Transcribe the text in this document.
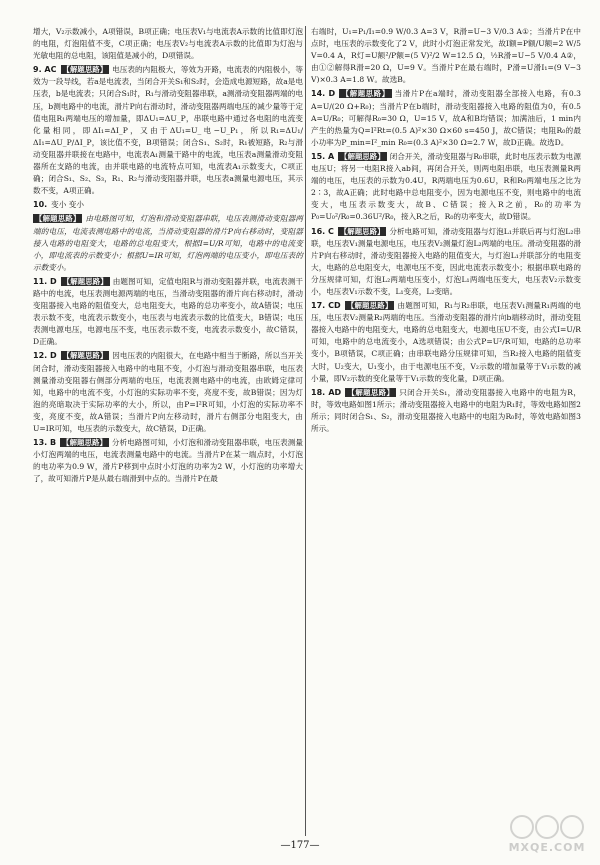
增大，V₂示数减小，A项错误，B项正确；电压表V₁与电流表A示数的比值即灯泡的电阻，灯泡阻值不变，C项正确；电压表V₂与电流表A示数的比值即为灯泡与光敏电阻的总电阻，该阻值是减小的，D项错误。
9. AC 【解题思路】 电压表的内阻极大，等效为开路，电流表的内阻极小，等效为一段导线，若a是电流表，当闭合开关S₁和S₂时，会造成电源短路，故a是电压表，b是电流表；只闭合S₁时，R₁与滑动变阻器串联，a测滑动变阻器两端的电压，b测电路中的电流，滑片P向右滑动时，滑动变阻器两端电压的减少量等于定值电阻R₁两端电压的增加量，即ΔU₁=ΔU_P，串联电路中通过各电阻的电流变化量相同，即ΔI₁=ΔI_P，又由于ΔU₁=U_电−U_P₁，所以R₁=ΔU₁/ΔI₁=ΔU_P/ΔI_P，该比值不变，B项错误；闭合S₁、S₂时，R₁被短路，R₂与滑动变阻器并联接在电路中，电流表A₁测量干路中的电流，电压表a测量滑动变阻器所在支路的电流，由并联电路的电流特点可知，电流表A₁示数变大，C项正确；闭合S₁、S₂、S₃，R₁、R₂与滑动变阻器并联，电压表a测量电源电压，其示数不变，A项正确。
10. 变小 变小
【解题思路】 由电路图可知，灯泡和滑动变阻器串联，电压表测滑动变阻器两端的电压，电流表测电路中的电流，当滑动变阻器的滑片P向右移动时，变阻器接入电路的电阻变大，电路的总电阻变大，根据I=U/R可知，电路中的电流变小，即电流表的示数变小；根据U=IR可知，灯泡两端的电压变小，即电压表的示数变小。
11. D 【解题思路】 由题图可知，定值电阻R与滑动变阻器并联，电流表测干路中的电流，电压表测电源两端的电压，当滑动变阻器的滑片向右移动时，滑动变阻器接入电路的阻值变大，总电阻变大，电路的总功率变小，故A错误；电压表示数不变，电流表示数变小，电压表与电流表示数的比值变大，B错误；电压表测电源电压，电源电压不变，电压表示数不变，电流表示数变小，故C错误，D正确。
12. D 【解题思路】 因电压表的内阻很大，在电路中相当于断路，所以当开关闭合时，滑动变阻器接入电路中的电阻不变，小灯泡与滑动变阻器串联，电压表测量滑动变阻器右侧部分两端的电压，电流表测电路中的电流，由欧姆定律可知，电路中的电流不变，小灯泡的实际功率不变，亮度不变，故B错误；因为灯泡的亮暗取决于实际功率的大小，所以，由P=I²R可知，小灯泡的实际功率不变，亮度不变，故A错误；当滑片P向左移动时，滑片右侧部分电阻变大，由U=IR可知，电压表的示数变大，故C错误，D正确。
13. B 【解题思路】 分析电路图可知，小灯泡和滑动变阻器串联，电压表测量小灯泡两端的电压，电流表测量电路中的电流。当滑片P在某一端点时，小灯泡的电功率为0.9 W，滑片P移到中点时小灯泡的功率为2 W，小灯泡的功率增大了，故可知滑片P是从最右端滑到中点的。当滑片P在最
右端时，U₁=P₁/I₁=0.9 W/0.3 A=3 V，R滑=U−3 V/0.3 A①；当滑片P在中点时，电压表的示数变化了2 V，此时小灯泡正常发光，故I额=P额/U额=2 W/5 V=0.4 A，R灯=U额²/P额=(5 V)²/2 W=12.5 Ω，½R滑=U−5 V/0.4 A②，由①②解得R滑=20 Ω，U=9 V。当滑片P在最右端时，P滑=U滑I₁=(9 V−3 V)×0.3 A=1.8 W。故选B。
14. D 【解题思路】 当滑片P在a端时，滑动变阻器全部接入电路，有0.3 A=U/(20 Ω+R₀)；当滑片P在b端时，滑动变阻器接入电路的阻值为0，有0.5 A=U/R₀；可解得R₀=30 Ω，U=15 V，故A和B均错误；加满油后，1 min内产生的热量为Q=I²Rt=(0.5 A)²×30 Ω×60 s=450 J，故C错误；电阻R₀的最小功率为P_min=I²_min R₀=(0.3 A)²×30 Ω=2.7 W，故D正确。故选D。
15. A 【解题思路】 闭合开关，滑动变阻器与R₀串联，此时电压表示数为电源电压U；将另一电阻R接入ab间，再闭合开关，则两电阻串联，电压表测量R两端的电压，电压表的示数为0.4U，R两端电压为0.6U，R和R₀两端电压之比为2∶3，故A正确；此时电路中总电阻变小，因为电源电压不变，则电路中的电流变大，电压表示数变大，故B、C错误；接入R之前，R₀的功率为P₀=U₀²/R₀=0.36U²/R₀，接入R之后，R₀的功率变大，故D错误。
16. C 【解题思路】 分析电路可知，滑动变阻器与灯泡L₁并联后再与灯泡L₂串联，电压表V₁测量电源电压，电压表V₂测量灯泡L₂两端的电压。滑动变阻器的滑片P向右移动时，滑动变阻器接入电路的阻值变大，与灯泡L₁并联部分的电阻变大，电路的总电阻变大，电源电压不变，因此电流表示数变小；根据串联电路的分压规律可知，灯泡L₂两端电压变小，灯泡L₁两端电压变大，电压表V₂示数变小，电压表V₁示数不变，L₁变亮，L₂变暗。
17. CD 【解题思路】 由题图可知，R₁与R₂串联，电压表V₁测量R₁两端的电压，电压表V₂测量R₂两端的电压。当滑动变阻器的滑片向b端移动时，滑动变阻器接入电路中的电阻变大，电路的总电阻变大，电源电压U不变，由公式I=U/R可知，电路中的总电流变小，A选项错误；由公式P=U²/R可知，电路的总功率变小，B项错误，C项正确；由串联电路分压规律可知，当R₂接入电路的阻值变大时，U₂变大，U₁变小，由于电源电压不变，V₂示数的增加量等于V₁示数的减小量，即V₂示数的变化量等于V₁示数的变化量，D项正确。
18. AD 【解题思路】 只闭合开关S₁，滑动变阻器接入电路中的电阻为R，时，等效电路如图1所示；滑动变阻器接入电路中的电阻为R₁时，等效电路如图2所示；同时闭合S₁、S₂，滑动变阻器接入电路中的电阻为R₀时，等效电路如图3所示。
—177—	MXQE.COM
